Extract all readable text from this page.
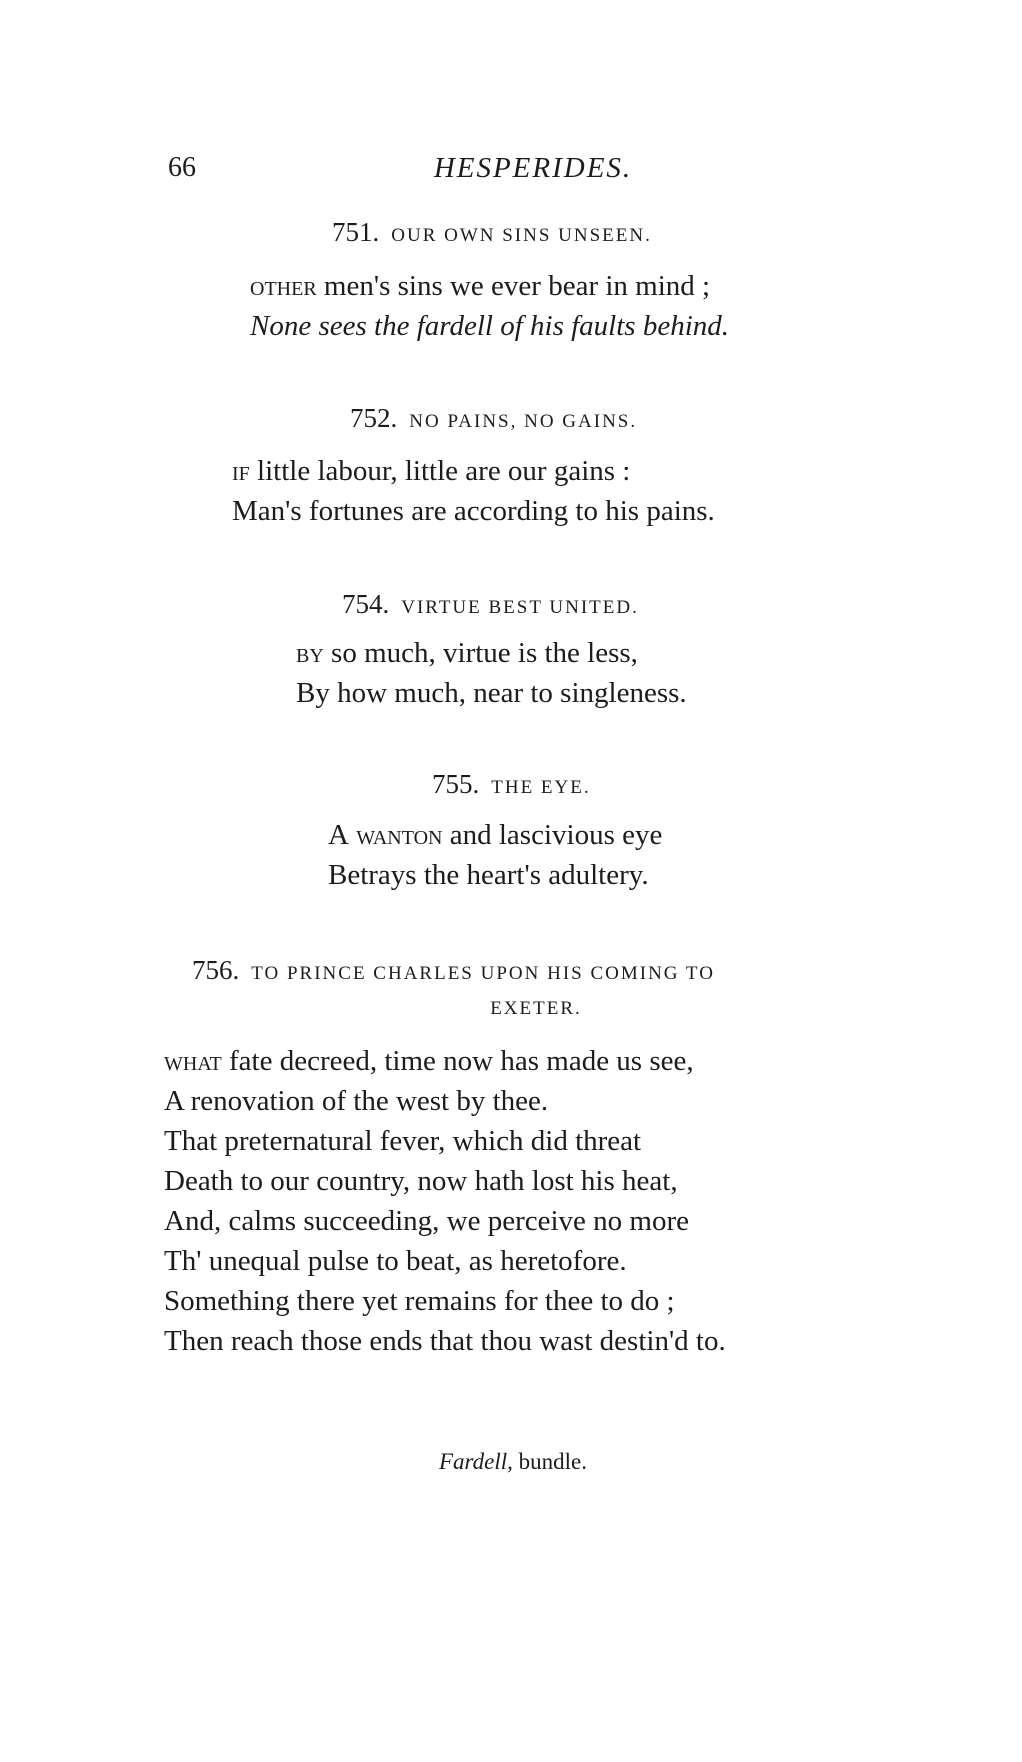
66	HESPERIDES.
751. OUR OWN SINS UNSEEN.
other men's sins we ever bear in mind ;
None sees the fardell of his faults behind.
752. NO PAINS, NO GAINS.
if little labour, little are our gains :
Man's fortunes are according to his pains.
754. VIRTUE BEST UNITED.
by so much, virtue is the less,
By how much, near to singleness.
755. THE EYE.
A wanton and lascivious eye
Betrays the heart's adultery.
756. TO PRINCE CHARLES UPON HIS COMING TO
EXETER.
what fate decreed, time now has made us see,
A renovation of the west by thee.
That preternatural fever, which did threat
Death to our country, now hath lost his heat,
And, calms succeeding, we perceive no more
Th' unequal pulse to beat, as heretofore.
Something there yet remains for thee to do ;
Then reach those ends that thou wast destin'd to.
Fardell, bundle.
